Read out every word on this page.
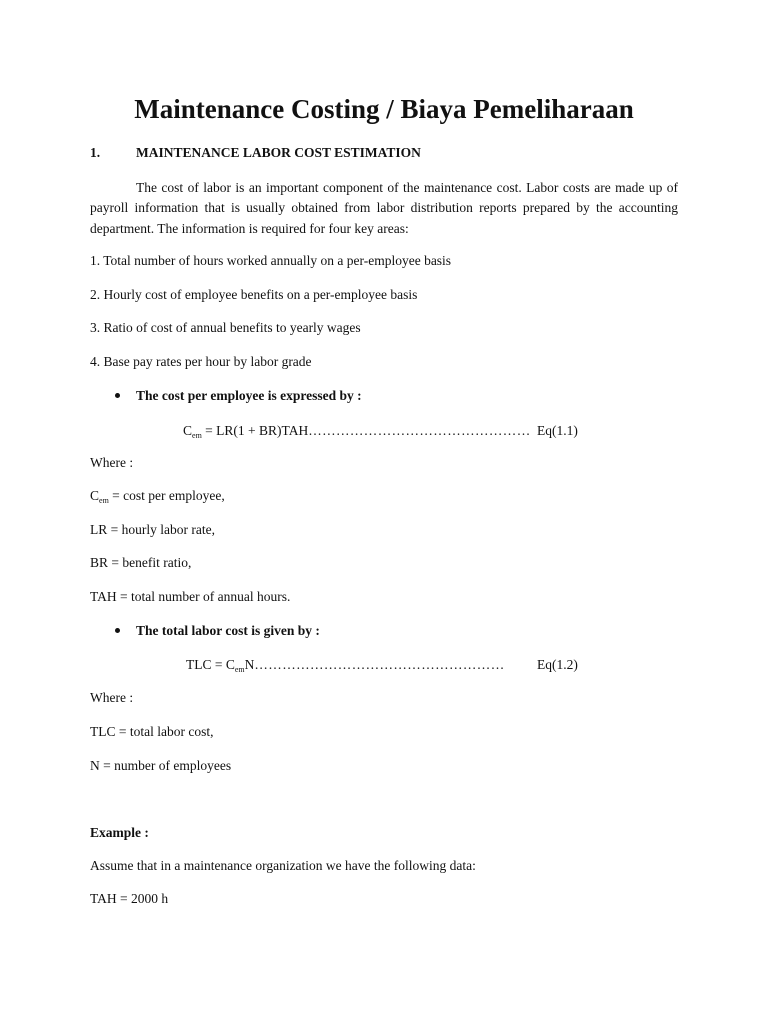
Maintenance Costing / Biaya Pemeliharaan
1.	MAINTENANCE LABOR COST ESTIMATION
The cost of labor is an important component of the maintenance cost. Labor costs are made up of payroll information that is usually obtained from labor distribution reports prepared by the accounting department. The information is required for four key areas:
1. Total number of hours worked annually on a per-employee basis
2. Hourly cost of employee benefits on a per-employee basis
3. Ratio of cost of annual benefits to yearly wages
4. Base pay rates per hour by labor grade
The cost per employee is expressed by :
$C_{em} = LR(1$ + BR)TAH………………………………………… Eq(1.1)
Where :
$C_{em} = \cos t$ per employee,
LR = hourly labor rate,
BR = benefit ratio,
TAH = total number of annual hours.
The total labor cost is given by :
TLC = $C_{em}N\dots\dots\dots\dots\dots\dots\dots\dots\dots\dots\dots\dots\dots\dots\dots\dots\dots\dots$ Eq(1.2)
Where :
TLC = total labor cost,
N = number of employees
Example :
Assume that in a maintenance organization we have the following data:
TAH = 2000 h
